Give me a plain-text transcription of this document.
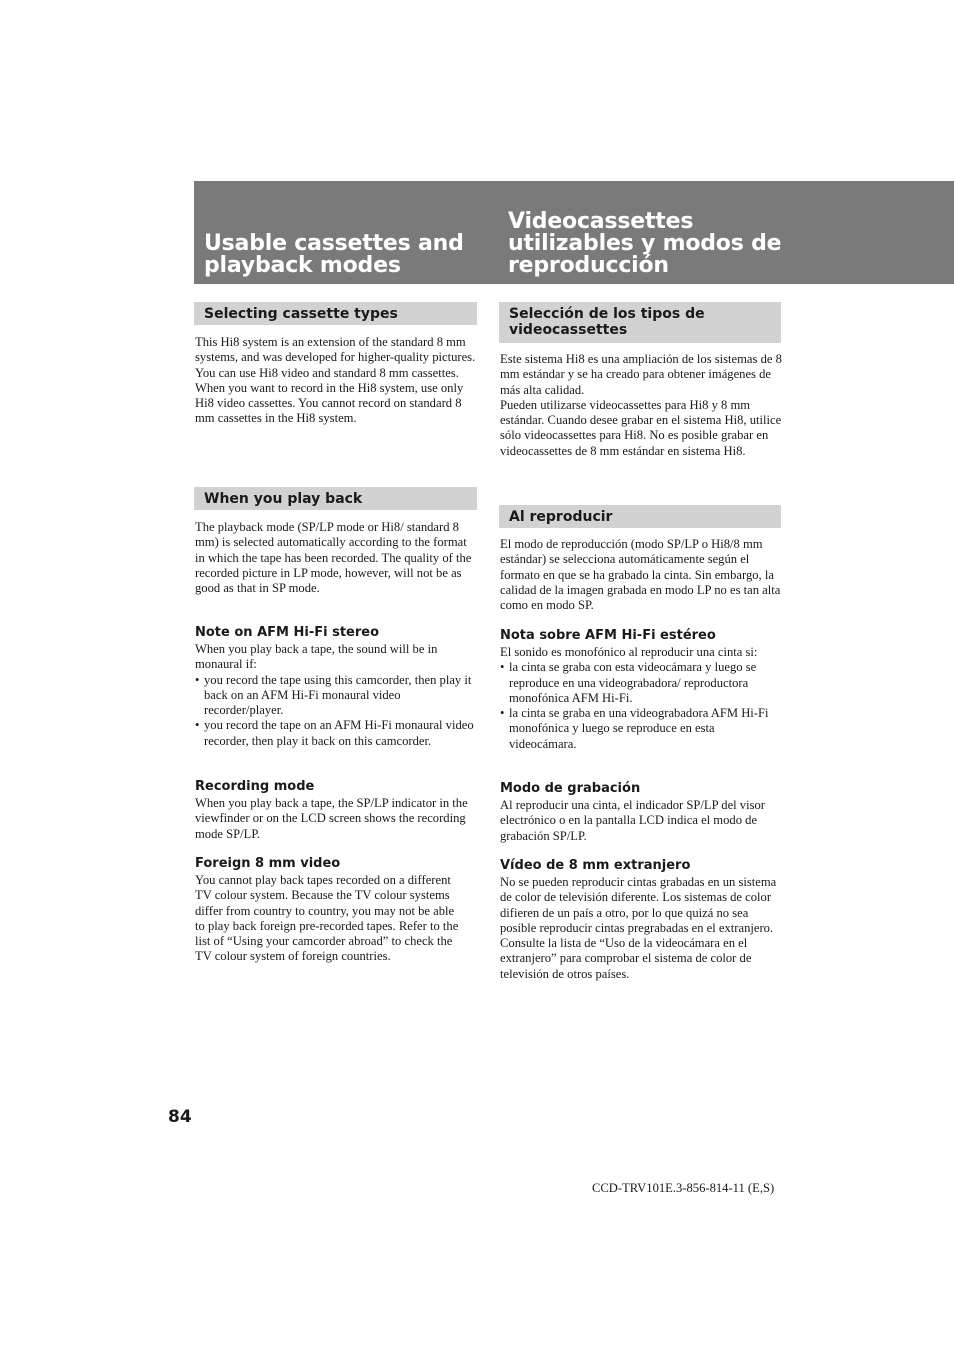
Usable cassettes and playback modes
Videocassettes utilizables y modos de reproducción
Selecting cassette types

This Hi8 system is an extension of the standard 8 mm systems, and was developed for higher-quality pictures.

You can use Hi8 video and standard 8 mm cassettes. When you want to record in the Hi8 system, use only Hi8 video cassettes. You cannot record on standard 8 mm cassettes in the Hi8 system.

When you play back
The playback mode (SP/LP mode or Hi8/ standard 8 mm) is selected automatically according to the format in which the tape has been recorded. The quality of the recorded picture in LP mode, however, will not be as good as that in SP mode.
Note on AFM Hi-Fi stereo

When you play back a tape, the sound will be in monaural if:

• you record the tape using this camcorder, then play it back on an AFM Hi-Fi monaural video recorder/player.
• you record the tape on an AFM Hi-Fi monaural video recorder, then play it back on this camcorder.
Recording mode
When you play back a tape, the SP/LP indicator in the viewfinder or on the LCD screen shows the recording mode SP/LP.
Foreign 8 mm video
You cannot play back tapes recorded on a different TV colour system. Because the TV colour systems differ from country to country, you may not be able to play back foreign pre-recorded tapes. Refer to the list of “Using your camcorder abroad” to check the TV colour system of foreign countries.
Selección de los tipos de videocassettes

Este sistema Hi8 es una ampliación de los sistemas de 8 mm estándar y se ha creado para obtener imágenes de más alta calidad.

Pueden utilizarse videocassettes para Hi8 y 8 mm estándar. Cuando desee grabar en el sistema Hi8, utilice sólo videocassettes para Hi8. No es posible grabar en videocassettes de 8 mm estándar en sistema Hi8.

Al reproducir
El modo de reproducción (modo SP/LP o Hi8/8 mm estándar) se selecciona automáticamente según el formato en que se ha grabado la cinta. Sin embargo, la calidad de la imagen grabada en modo LP no es tan alta como en modo SP.
Nota sobre AFM Hi-Fi estéreo

El sonido es monofónico al reproducir una cinta si:

• la cinta se graba con esta videocámara y luego se reproduce en una videograbadora/ reproductora monofónica AFM Hi-Fi.
• la cinta se graba en una videograbadora AFM Hi-Fi monofónica y luego se reproduce en esta videocámara.
Modo de grabación
Al reproducir una cinta, el indicador SP/LP del visor electrónico o en la pantalla LCD indica el modo de grabación SP/LP.
Vídeo de 8 mm extranjero
No se pueden reproducir cintas grabadas en un sistema de color de televisión diferente. Los sistemas de color difieren de un país a otro, por lo que quizá no sea posible reproducir cintas pregrabadas en el extranjero. Consulte la lista de “Uso de la videocámara en el extranjero” para comprobar el sistema de color de televisión de otros países.
84
CCD-TRV101E.3-856-814-11 (E,S)
